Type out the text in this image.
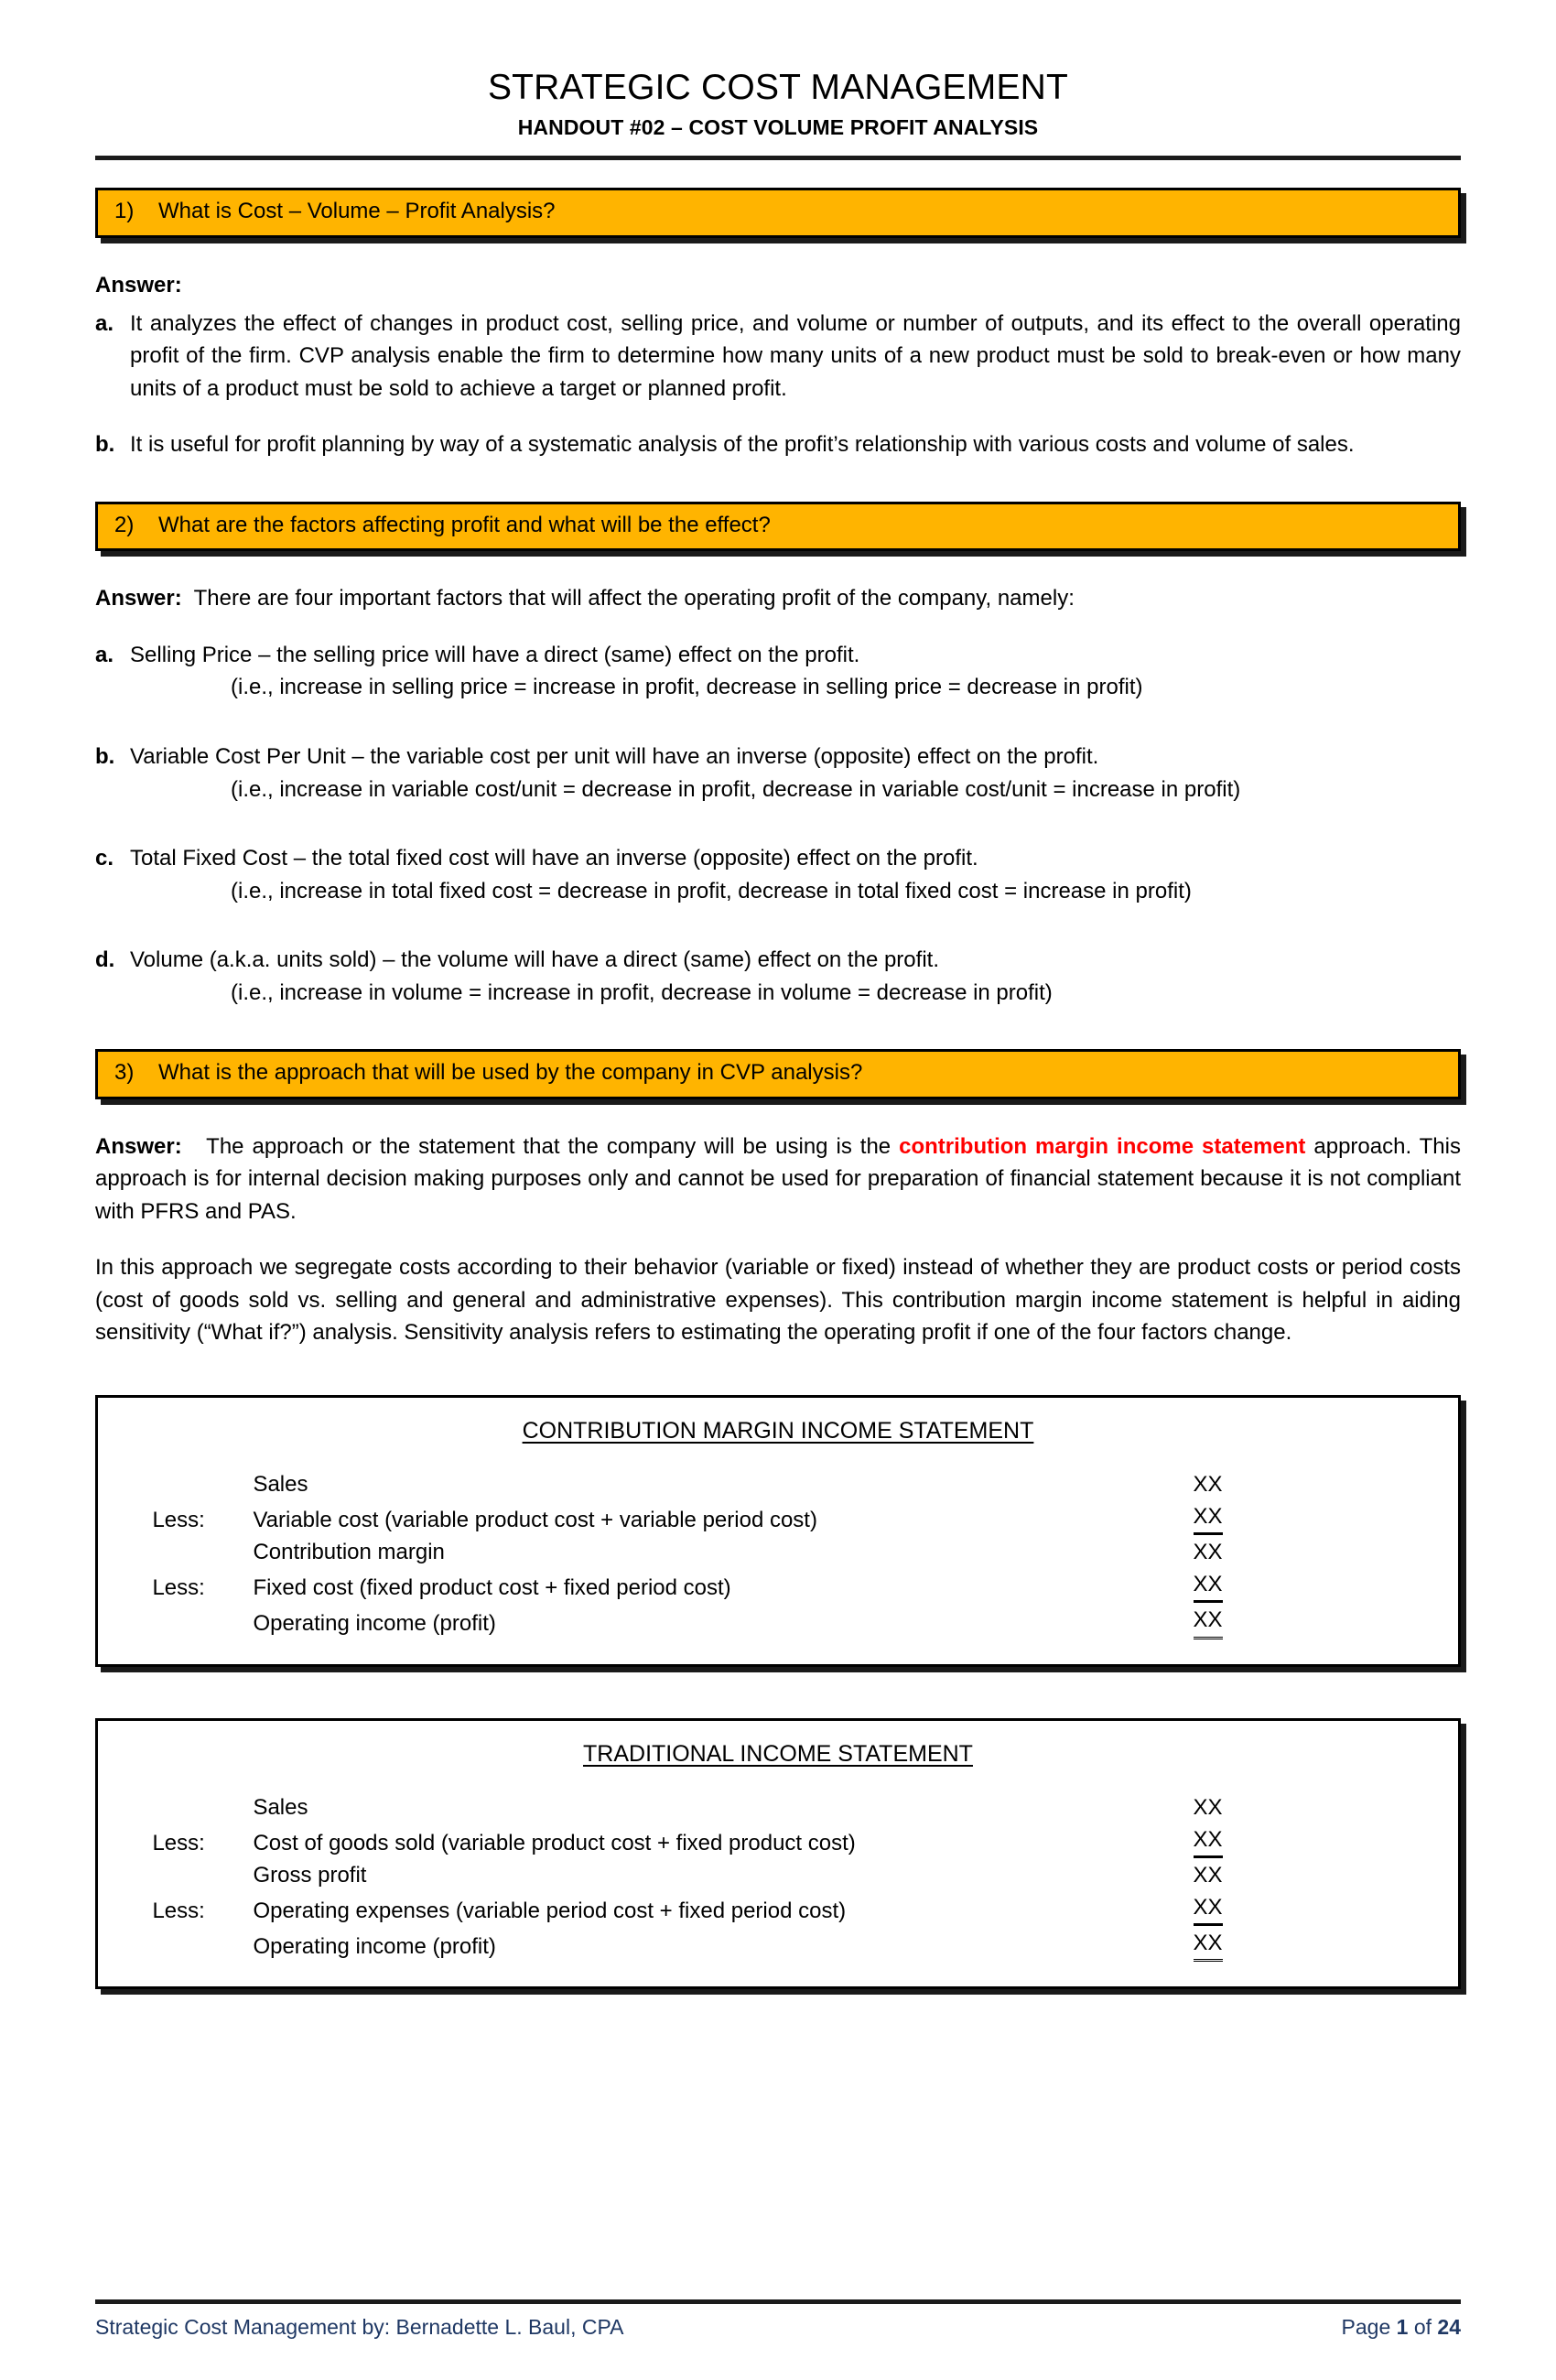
STRATEGIC COST MANAGEMENT
HANDOUT #02 – COST VOLUME PROFIT ANALYSIS
1)	What is Cost – Volume – Profit Analysis?
Answer:
a. It analyzes the effect of changes in product cost, selling price, and volume or number of outputs, and its effect to the overall operating profit of the firm. CVP analysis enable the firm to determine how many units of a new product must be sold to break-even or how many units of a product must be sold to achieve a target or planned profit.
b. It is useful for profit planning by way of a systematic analysis of the profit’s relationship with various costs and volume of sales.
2)	What are the factors affecting profit and what will be the effect?
Answer: There are four important factors that will affect the operating profit of the company, namely:
a. Selling Price – the selling price will have a direct (same) effect on the profit.
(i.e., increase in selling price = increase in profit, decrease in selling price = decrease in profit)
b. Variable Cost Per Unit – the variable cost per unit will have an inverse (opposite) effect on the profit.
(i.e., increase in variable cost/unit = decrease in profit, decrease in variable cost/unit = increase in profit)
c. Total Fixed Cost – the total fixed cost will have an inverse (opposite) effect on the profit.
(i.e., increase in total fixed cost = decrease in profit, decrease in total fixed cost = increase in profit)
d. Volume (a.k.a. units sold) – the volume will have a direct (same) effect on the profit.
(i.e., increase in volume = increase in profit, decrease in volume = decrease in profit)
3)	What is the approach that will be used by the company in CVP analysis?
Answer: The approach or the statement that the company will be using is the contribution margin income statement approach. This approach is for internal decision making purposes only and cannot be used for preparation of financial statement because it is not compliant with PFRS and PAS.
In this approach we segregate costs according to their behavior (variable or fixed) instead of whether they are product costs or period costs (cost of goods sold vs. selling and general and administrative expenses). This contribution margin income statement is helpful in aiding sensitivity (“What if?”) analysis. Sensitivity analysis refers to estimating the operating profit if one of the four factors change.
CONTRIBUTION MARGIN INCOME STATEMENT
	Sales	XX
Less:	Variable cost (variable product cost + variable period cost)	XX
	Contribution margin	XX
Less:	Fixed cost (fixed product cost + fixed period cost)	XX
	Operating income (profit)	XX
TRADITIONAL INCOME STATEMENT
	Sales	XX
Less:	Cost of goods sold (variable product cost + fixed product cost)	XX
	Gross profit	XX
Less:	Operating expenses (variable period cost + fixed period cost)	XX
	Operating income (profit)	XX
Strategic Cost Management by: Bernadette L. Baul, CPA	Page 1 of 24
